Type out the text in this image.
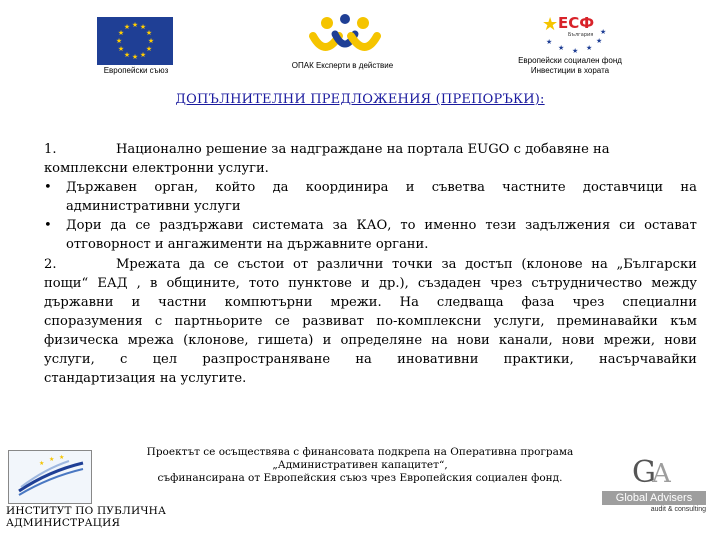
★ ★
★
★
★
★
★
★
★
★
★
★
Европейски съюз
ОПАК Експерти в действие
★ ЕСФ
България
★
★ ★ ★
★
★
Европейски социален фонд
Инвестиции в хората
ДОПЪЛНИТЕЛНИ ПРЕДЛОЖЕНИЯ (ПРЕПОРЪКИ):
1.	Национално решение за надграждане на портала EUGO с добавяне на
комплексни електронни услуги.
•	Държавен орган, който да координира и съветва частните доставчици на
административни услуги
•	Дори да се раздържави системата за КАО, то именно тези задължения си остават
отговорност и ангажименти на държавните органи.
2.	Мрежата да се състои от различни точки за достъп (клонове на „Български
пощи“ ЕАД , в общините, тото пунктове и др.), създаден чрез сътрудничество между
държавни и частни компютърни мрежи. На следваща фаза чрез специални
споразумения с партньорите се развиват по-комплексни услуги, преминавайки към
физическа мрежа (клонове, гишета) и определяне на нови канали, нови мрежи, нови
услуги, с цел разпространяване на иновативни практики, насърчавайки
стандартизация на услугите.
★
★ ★
ИНСТИТУТ ПО ПУБЛИЧНА
АДМИНИСТРАЦИЯ
Проектът се осъществява с финансовата подкрепа на Оперативна програма
„Административен капацитет“,
съфинансирана от Европейския съюз чрез Европейския социален фонд.	G
A
Global Advisers
audit & consulting
